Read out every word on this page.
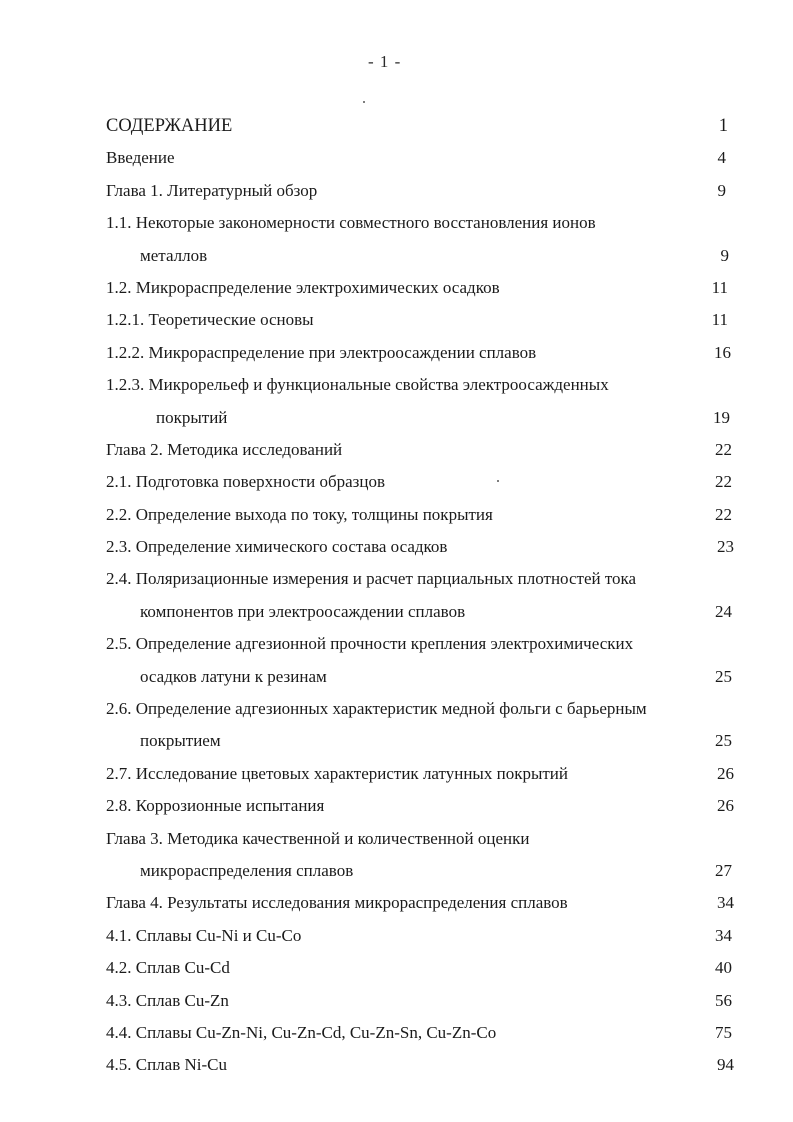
- 1 -
СОДЕРЖАНИЕ	1
Введение	4
Глава 1. Литературный обзор	9
1.1. Некоторые закономерности совместного восстановления ионов
металлов	9
1.2. Микрораспределение электрохимических осадков	11
1.2.1. Теоретические основы	11
1.2.2. Микрораспределение при электроосаждении сплавов	16
1.2.3. Микрорельеф и функциональные свойства электроосажденных
покрытий	19
Глава 2. Методика исследований	22
2.1. Подготовка поверхности образцов	22
2.2. Определение выхода по току, толщины покрытия	22
2.3. Определение химического состава осадков	23
2.4. Поляризационные измерения и расчет парциальных плотностей тока
компонентов при электроосаждении сплавов	24
2.5. Определение адгезионной прочности крепления электрохимических
осадков латуни к резинам	25
2.6. Определение адгезионных характеристик медной фольги с барьерным
покрытием	25
2.7. Исследование цветовых характеристик латунных покрытий	26
2.8. Коррозионные испытания	26
Глава 3. Методика качественной и количественной оценки
микрораспределения сплавов	27
Глава 4. Результаты исследования микрораспределения сплавов	34
4.1. Сплавы Cu-Ni и Cu-Co	34
4.2. Сплав Cu-Cd	40
4.3. Сплав Cu-Zn	56
4.4. Сплавы Cu-Zn-Ni, Cu-Zn-Cd, Cu-Zn-Sn, Cu-Zn-Co	75
4.5. Сплав Ni-Cu	94
